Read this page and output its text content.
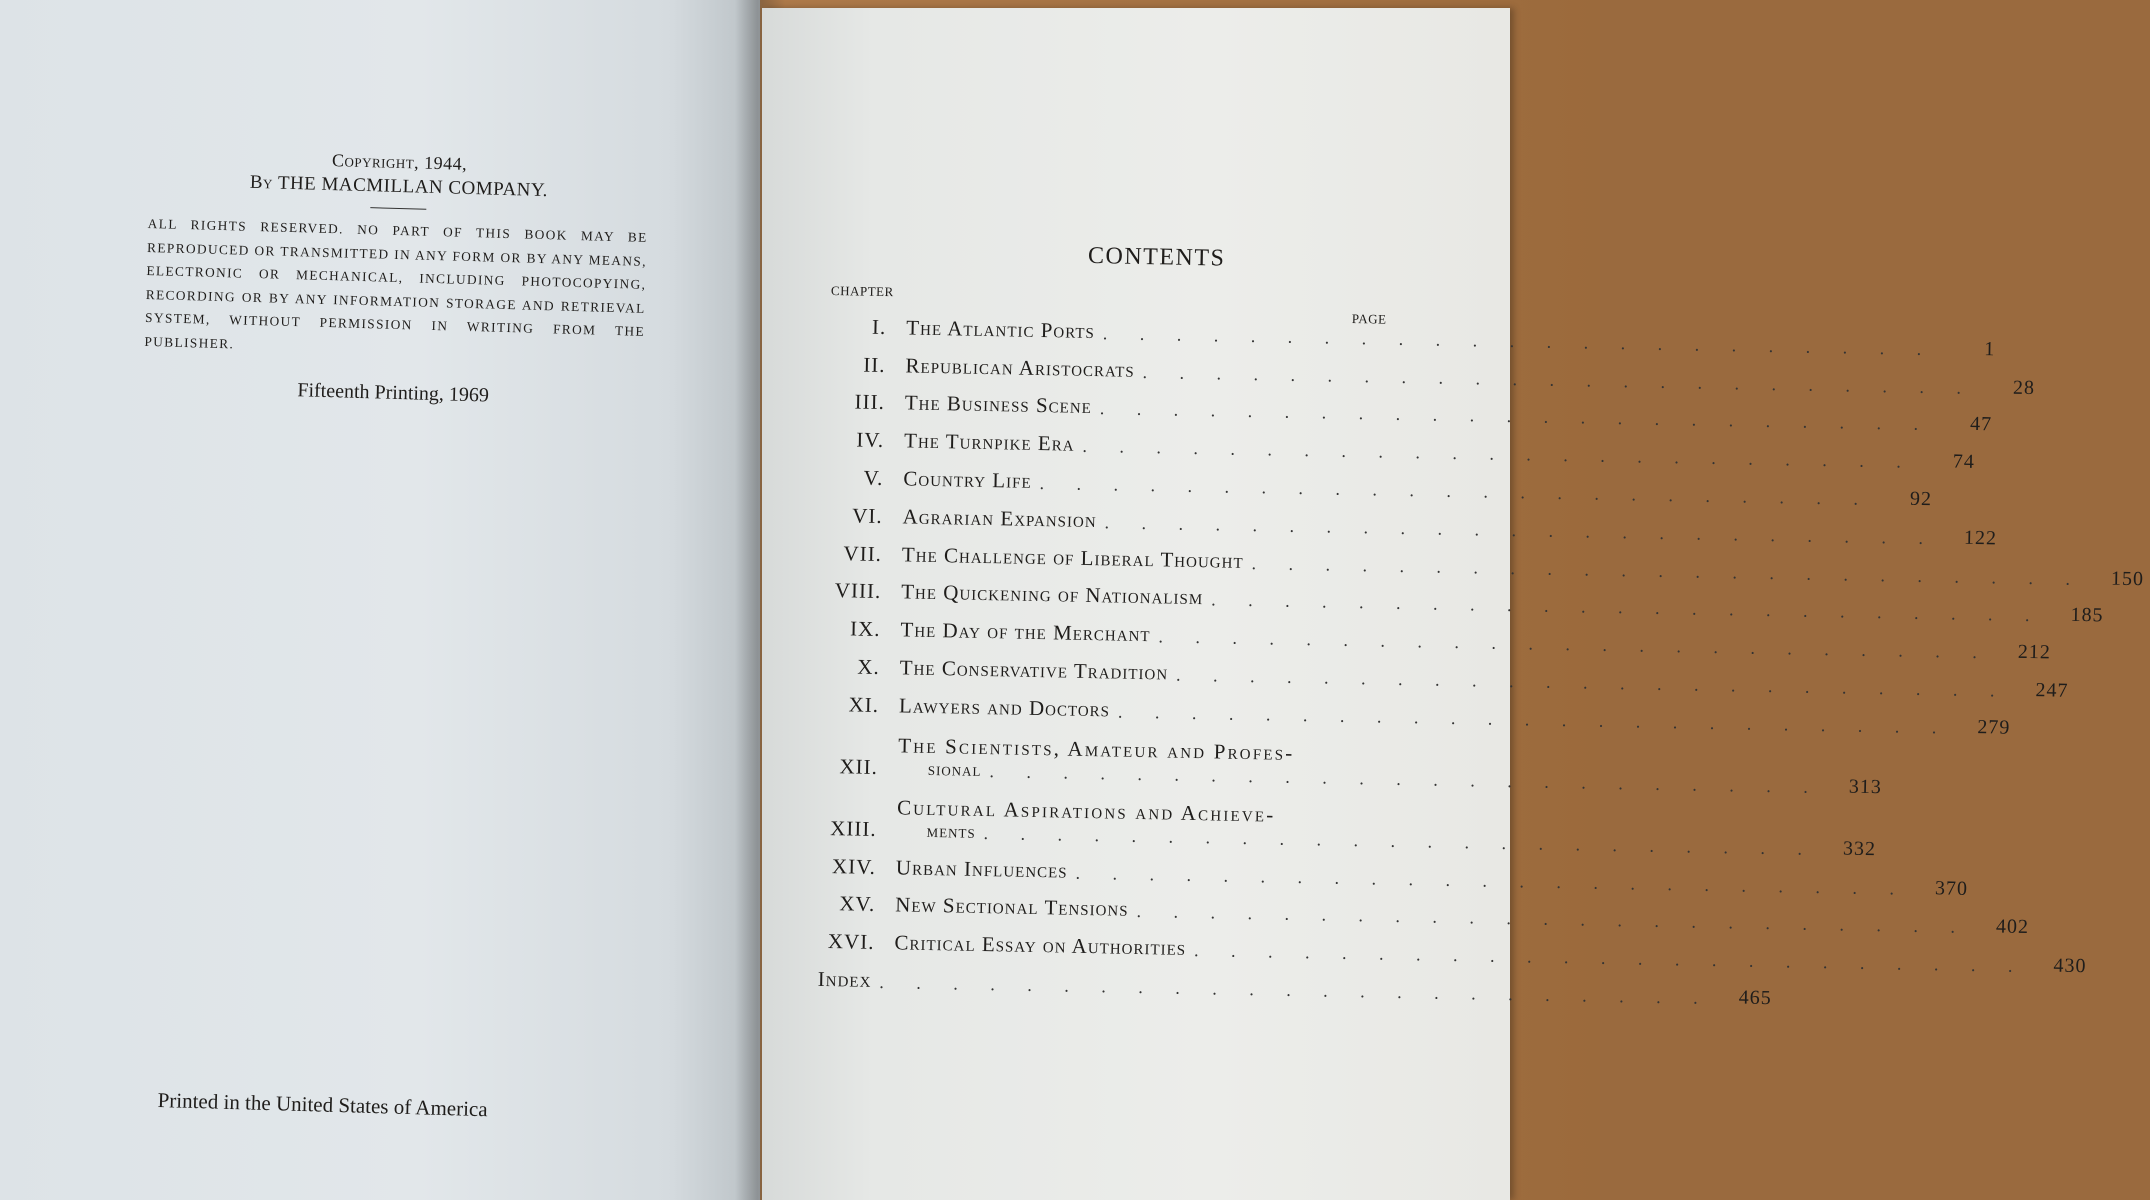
Copyright, 1944,
By THE MACMILLAN COMPANY.
ALL RIGHTS RESERVED. NO PART OF THIS BOOK MAY BE REPRODUCED OR TRANSMITTED IN ANY FORM OR BY ANY MEANS, ELECTRONIC OR MECHANICAL, INCLUDING PHOTOCOPYING, RECORDING OR BY ANY INFORMATION STORAGE AND RETRIEVAL SYSTEM, WITHOUT PERMISSION IN WRITING FROM THE PUBLISHER.
Fifteenth Printing, 1969
Printed in the United States of America
CONTENTS
CHAPTER
PAGE
I. The Atlantic Ports . . . . . . . . . . . . . . . . . . . . . . .	1
II. Republican Aristocrats . . . . . . . . . . . . . . . . . . . . . . .	28
III. The Business Scene . . . . . . . . . . . . . . . . . . . . . . .	47
IV. The Turnpike Era . . . . . . . . . . . . . . . . . . . . . . .	74
V. Country Life . . . . . . . . . . . . . . . . . . . . . . .	92
VI. Agrarian Expansion . . . . . . . . . . . . . . . . . . . . . . .	122
VII. The Challenge of Liberal Thought . . . . . . . . . . . . . . . . . . . . . . .	150
VIII. The Quickening of Nationalism . . . . . . . . . . . . . . . . . . . . . . .	185
IX. The Day of the Merchant . . . . . . . . . . . . . . . . . . . . . . .	212
X. The Conservative Tradition . . . . . . . . . . . . . . . . . . . . . . .	247
XI. Lawyers and Doctors . . . . . . . . . . . . . . . . . . . . . . .	279
XII.
The Scientists, Amateur and Profes-
sional . . . . . . . . . . . . . . . . . . . . . . .	313
XIII.
Cultural Aspirations and Achieve-
ments . . . . . . . . . . . . . . . . . . . . . . .	332
XIV. Urban Influences . . . . . . . . . . . . . . . . . . . . . . .	370
XV. New Sectional Tensions . . . . . . . . . . . . . . . . . . . . . . .	402
XVI. Critical Essay on Authorities . . . . . . . . . . . . . . . . . . . . . . .	430
Index . . . . . . . . . . . . . . . . . . . . . . .	465
